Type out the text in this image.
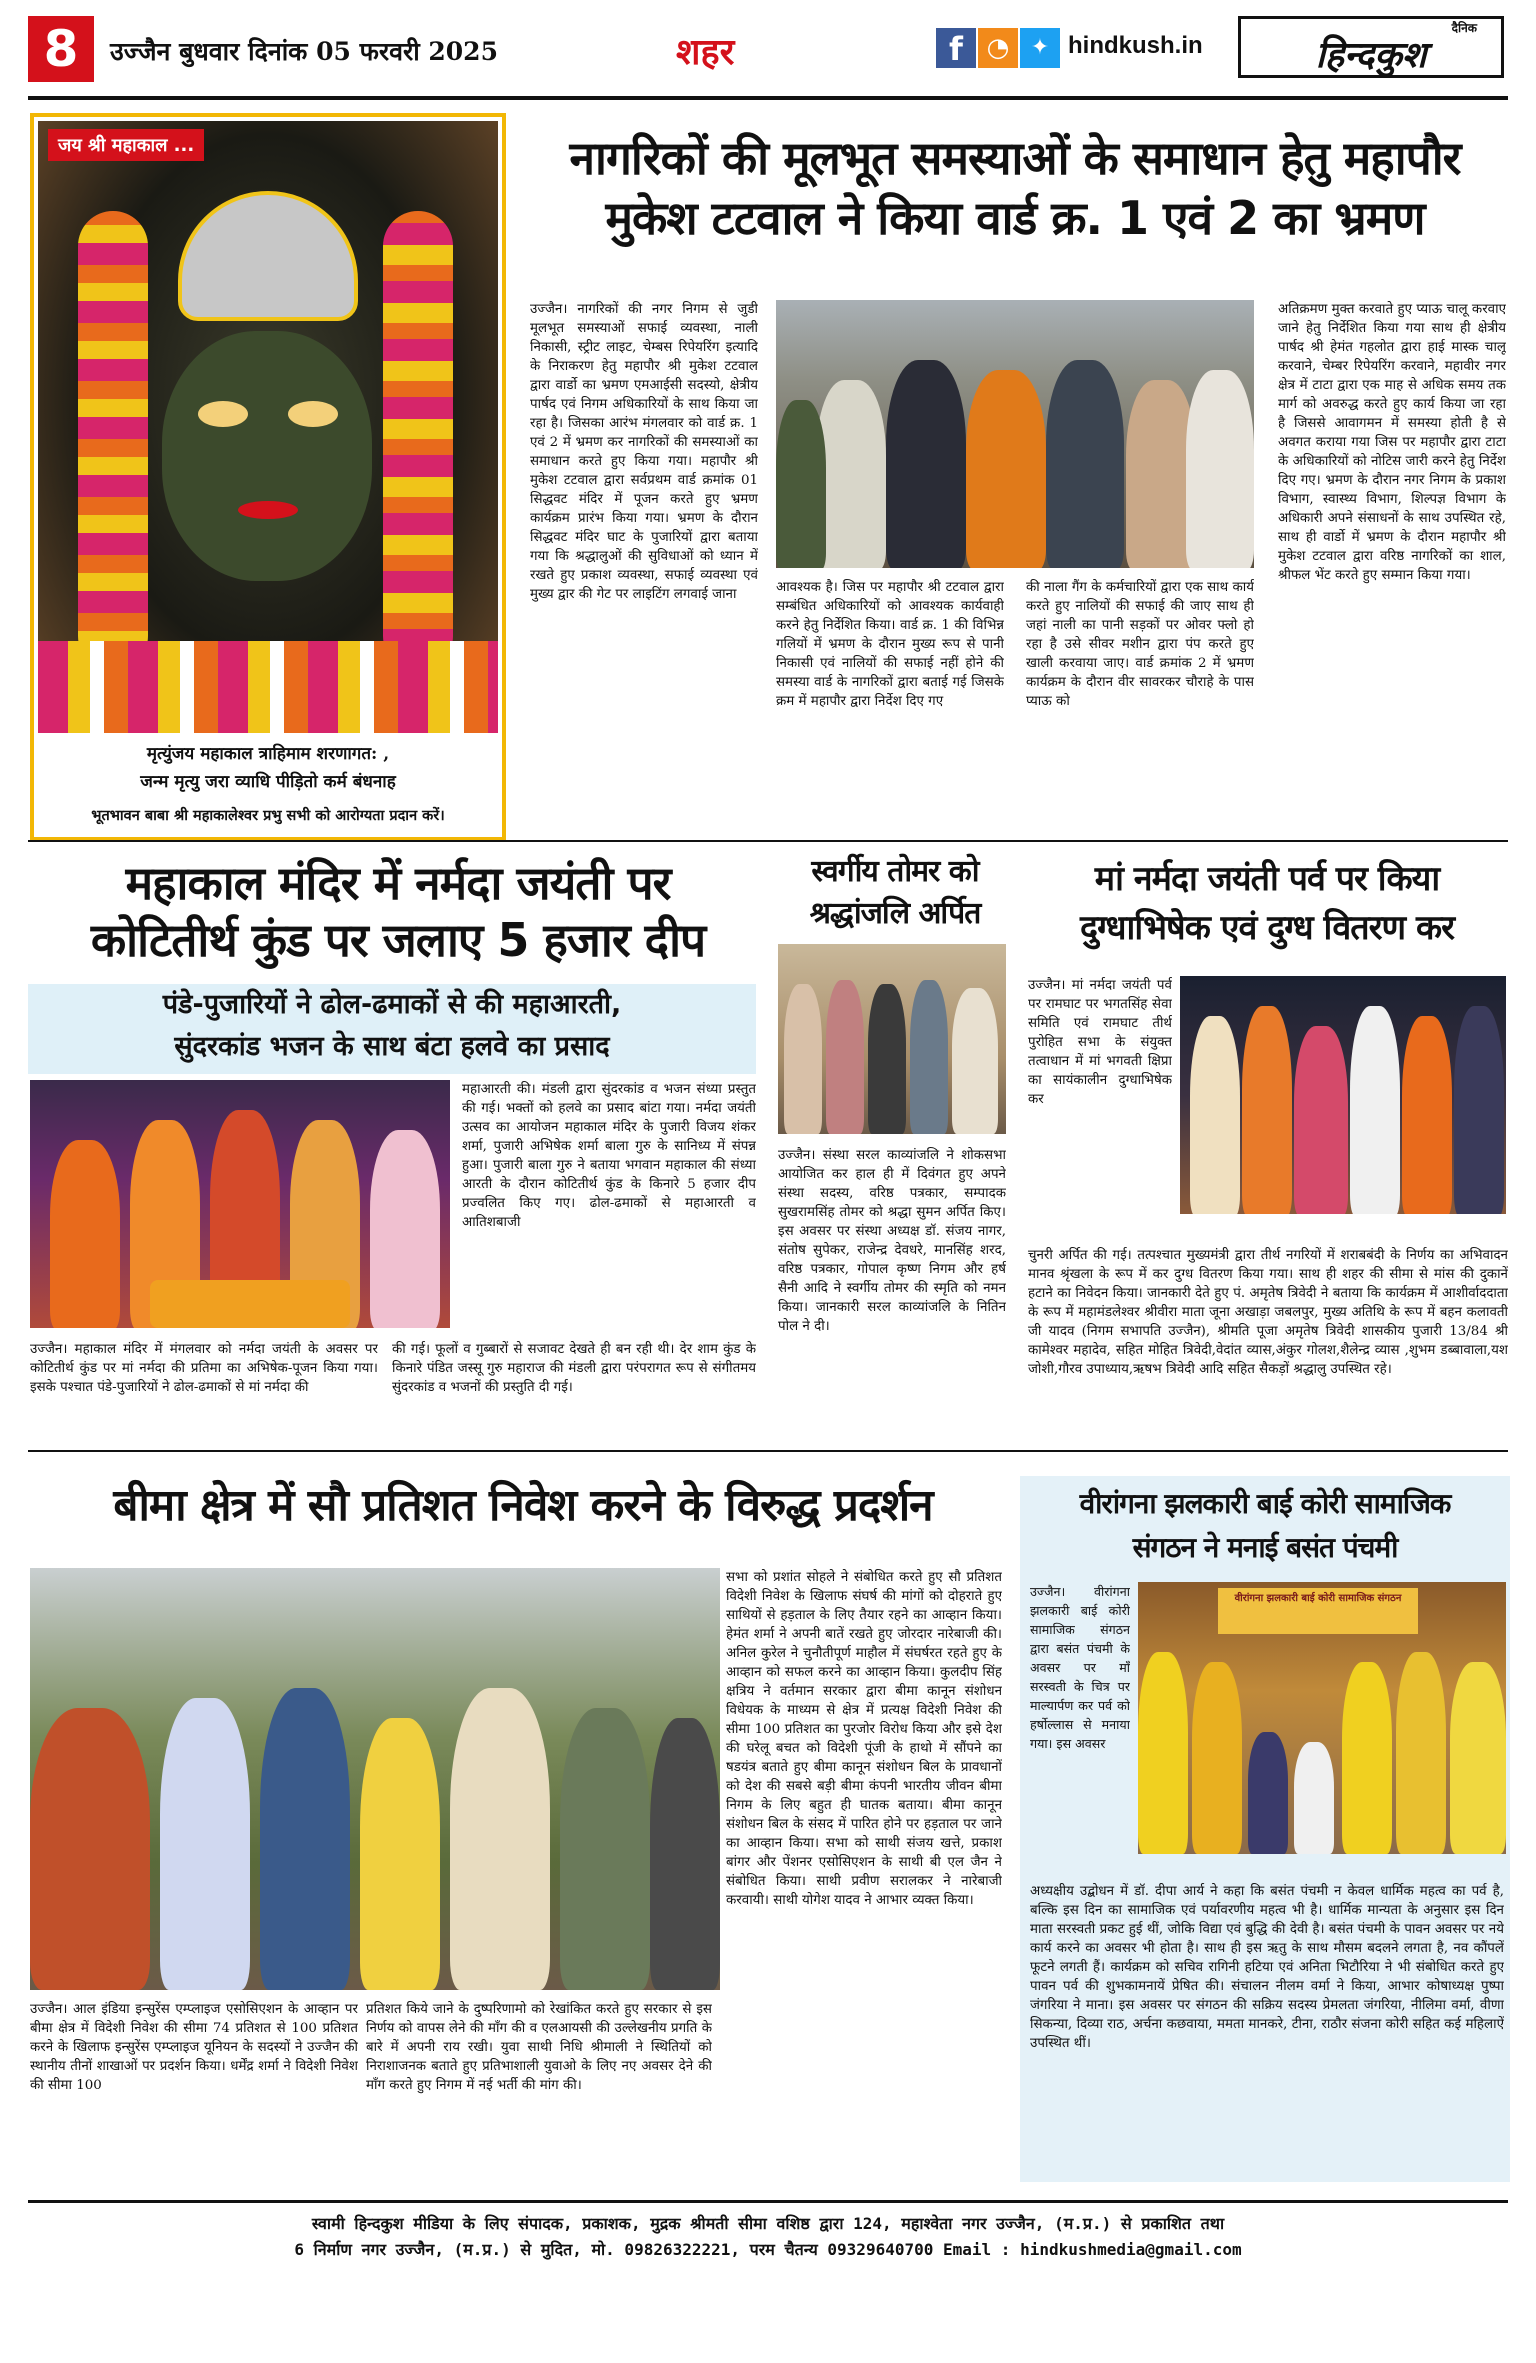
8	उज्जैन बुधवार दिनांक 05 फरवरी 2025	शहर	f ◔ ✦ hindkush.in
दैनिक
हिन्दकुश
जय श्री महाकाल ...
मृत्युंजय महाकाल त्राहिमाम शरणागत: ,
जन्म मृत्यु जरा व्याधि पीड़ितो कर्म बंधनाह
भूतभावन बाबा श्री महाकालेश्वर प्रभु सभी को आरोग्यता प्रदान करें।
नागरिकों की मूलभूत समस्याओं के समाधान हेतु महापौर
मुकेश टटवाल ने किया वार्ड क्र. 1 एवं 2 का भ्रमण
उज्जैन। नागरिकों की नगर निगम से जुडी मूलभूत समस्याओं सफाई व्यवस्था, नाली निकासी, स्ट्रीट लाइट, चेम्बस रिपेयरिंग इत्यादि के निराकरण हेतु महापौर श्री मुकेश टटवाल द्वारा वार्डो का भ्रमण एमआईसी सदस्यो, क्षेत्रीय पार्षद एवं निगम अधिकारियों के साथ किया जा रहा है। जिसका आरंभ मंगलवार को वार्ड क्र. 1 एवं 2 में भ्रमण कर नागरिकों की समस्याओं का समाधान करते हुए किया गया। महापौर श्री मुकेश टटवाल द्वारा सर्वप्रथम वार्ड क्रमांक 01 सिद्धवट मंदिर में पूजन करते हुए भ्रमण कार्यक्रम प्रारंभ किया गया। भ्रमण के दौरान सिद्धवट मंदिर घाट के पुजारियों द्वारा बताया गया कि श्रद्धालुओं की सुविधाओं को ध्यान में रखते हुए प्रकाश व्यवस्था, सफाई व्यवस्था एवं मुख्य द्वार की गेट पर लाइटिंग लगवाई जाना	आवश्यक है। जिस पर महापौर श्री टटवाल द्वारा सम्बंधित अधिकारियों को आवश्यक कार्यवाही करने हेतु निर्देशित किया। वार्ड क्र. 1 की विभिन्न गलियों में भ्रमण के दौरान मुख्य रूप से पानी निकासी एवं नालियों की सफाई नहीं होने की समस्या वार्ड के नागरिकों द्वारा बताई गई जिसके क्रम में महापौर द्वारा निर्देश दिए गए
की नाला गैंग के कर्मचारियों द्वारा एक साथ कार्य करते हुए नालियों की सफाई की जाए साथ ही जहां नाली का पानी सड़कों पर ओवर फ्लो हो रहा है उसे सीवर मशीन द्वारा पंप करते हुए खाली करवाया जाए। वार्ड क्रमांक 2 में भ्रमण कार्यक्रम के दौरान वीर सावरकर चौराहे के पास प्याऊ को
अतिक्रमण मुक्त करवाते हुए प्याऊ चालू करवाए जाने हेतु निर्देशित किया गया साथ ही क्षेत्रीय पार्षद श्री हेमंत गहलोत द्वारा हाई मास्क चालू करवाने, चेम्बर रिपेयरिंग करवाने, महावीर नगर क्षेत्र में टाटा द्वारा एक माह से अधिक समय तक मार्ग को अवरुद्ध करते हुए कार्य किया जा रहा है जिससे आवागमन में समस्या होती है से अवगत कराया गया जिस पर महापौर द्वारा टाटा के अधिकारियों को नोटिस जारी करने हेतु निर्देश दिए गए। भ्रमण के दौरान नगर निगम के प्रकाश विभाग, स्वास्थ्य विभाग, शिल्पज्ञ विभाग के अधिकारी अपने संसाधनों के साथ उपस्थित रहे, साथ ही वार्डो में भ्रमण के दौरान महापौर श्री मुकेश टटवाल द्वारा वरिष्ठ नागरिकों का शाल, श्रीफल भेंट करते हुए सम्मान किया गया।
महाकाल मंदिर में नर्मदा जयंती पर
कोटितीर्थ कुंड पर जलाए 5 हजार दीप
पंडे-पुजारियों ने ढोल-ढमाकों से की महाआरती,
सुंदरकांड भजन के साथ बंटा हलवे का प्रसाद
महाआरती की। मंडली द्वारा सुंदरकांड व भजन संध्या प्रस्तुत की गई। भक्तों को हलवे का प्रसाद बांटा गया। नर्मदा जयंती उत्सव का आयोजन महाकाल मंदिर के पुजारी विजय शंकर शर्मा, पुजारी अभिषेक शर्मा बाला गुरु के सानिध्य में संपन्न हुआ। पुजारी बाला गुरु ने बताया भगवान महाकाल की संध्या आरती के दौरान कोटितीर्थ कुंड के किनारे 5 हजार दीप प्रज्वलित किए गए। ढोल-ढमाकों से महाआरती व आतिशबाजी
उज्जैन। महाकाल मंदिर में मंगलवार को नर्मदा जयंती के अवसर पर कोटितीर्थ कुंड पर मां नर्मदा की प्रतिमा का अभिषेक-पूजन किया गया। इसके पश्चात पंडे-पुजारियों ने ढोल-ढमाकों से मां नर्मदा की
की गई। फूलों व गुब्बारों से सजावट देखते ही बन रही थी। देर शाम कुंड के किनारे पंडित जस्सू गुरु महाराज की मंडली द्वारा परंपरागत रूप से संगीतमय सुंदरकांड व भजनों की प्रस्तुति दी गई।
स्वर्गीय तोमर को
श्रद्धांजलि अर्पित
उज्जैन। संस्था सरल काव्यांजलि ने शोकसभा आयोजित कर हाल ही में दिवंगत हुए अपने संस्था सदस्य, वरिष्ठ पत्रकार, सम्पादक सुखरामसिंह तोमर को श्रद्धा सुमन अर्पित किए। इस अवसर पर संस्था अध्यक्ष डॉ. संजय नागर, संतोष सुपेकर, राजेन्द्र देवधरे, मानसिंह शरद, वरिष्ठ पत्रकार, गोपाल कृष्ण निगम और हर्ष सैनी आदि ने स्वर्गीय तोमर की स्मृति को नमन किया। जानकारी सरल काव्यांजलि के नितिन पोल ने दी।
मां नर्मदा जयंती पर्व पर किया
दुग्धाभिषेक एवं दुग्ध वितरण कर
उज्जैन। मां नर्मदा जयंती पर्व पर रामघाट पर भगतसिंह सेवा समिति एवं रामघाट तीर्थ पुरोहित सभा के संयुक्त तत्वाधान में मां भगवती क्षिप्रा का सायंकालीन दुग्धाभिषेक कर
चुनरी अर्पित की गई। तत्पश्चात मुख्यमंत्री द्वारा तीर्थ नगरियों में शराबबंदी के निर्णय का अभिवादन मानव श्रृंखला के रूप में कर दुग्ध वितरण किया गया। साथ ही शहर की सीमा से मांस की दुकानें हटाने का निवेदन किया। जानकारी देते हुए पं. अमृतेष त्रिवेदी ने बताया कि कार्यक्रम में आशीर्वाददाता के रूप में महामंडलेश्वर श्रीवीरा माता जूना अखाड़ा जबलपुर, मुख्य अतिथि के रूप में बहन कलावती जी यादव (निगम सभापति उज्जैन), श्रीमति पूजा अमृतेष त्रिवेदी शासकीय पुजारी 13/84 श्री कामेश्वर महादेव, सहित मोहित त्रिवेदी,वेदांत व्यास,अंकुर गोलश,शैलेन्द्र व्यास ,शुभम डब्बावाला,यश जोशी,गौरव उपाध्याय,ऋषभ त्रिवेदी आदि सहित सैकड़ों श्रद्धालु उपस्थित रहे।
बीमा क्षेत्र में सौ प्रतिशत निवेश करने के विरुद्ध प्रदर्शन
उज्जैन। आल इंडिया इन्सुरेंस एम्प्लाइज एसोसिएशन के आव्हान पर बीमा क्षेत्र में विदेशी निवेश की सीमा 74 प्रतिशत से 100 प्रतिशत करने के खिलाफ इन्सुरेंस एम्प्लाइज यूनियन के सदस्यों ने उज्जैन की स्थानीय तीनों शाखाओं पर प्रदर्शन किया। धर्मेंद्र शर्मा ने विदेशी निवेश की सीमा 100
प्रतिशत किये जाने के दुष्परिणामो को रेखांकित करते हुए सरकार से इस निर्णय को वापस लेने की मॉंग की व एलआयसी की उल्लेखनीय प्रगति के बारे में अपनी राय रखी। युवा साथी निधि श्रीमाली ने स्थितियों को निराशाजनक बताते हुए प्रतिभाशाली युवाओ के लिए नए अवसर देने की माँग करते हुए निगम में नई भर्ती की मांग की।
सभा को प्रशांत सोहले ने संबोधित करते हुए सौ प्रतिशत विदेशी निवेश के खिलाफ संघर्ष की मांगों को दोहराते हुए साथियों से हड़ताल के लिए तैयार रहने का आव्हान किया। हेमंत शर्मा ने अपनी बातें रखते हुए जोरदार नारेबाजी की। अनिल कुरेल ने चुनौतीपूर्ण माहौल में संघर्षरत रहते हुए के आव्हान को सफल करने का आव्हान किया। कुलदीप सिंह क्षत्रिय ने वर्तमान सरकार द्वारा बीमा कानून संशोधन विधेयक के माध्यम से क्षेत्र में प्रत्यक्ष विदेशी निवेश की सीमा 100 प्रतिशत का पुरजोर विरोध किया और इसे देश की घरेलू बचत को विदेशी पूंजी के हाथो में सौंपने का षडयंत्र बताते हुए बीमा कानून संशोधन बिल के प्रावधानों को देश की सबसे बड़ी बीमा कंपनी भारतीय जीवन बीमा निगम के लिए बहुत ही घातक बताया। बीमा कानून संशोधन बिल के संसद में पारित होने पर हड़ताल पर जाने का आव्हान किया। सभा को साथी संजय खत्ते, प्रकाश बांगर और पेंशनर एसोसिएशन के साथी बी एल जैन ने संबोधित किया। साथी प्रवीण सरालकर ने नारेबाजी करवायी। साथी योगेश यादव ने आभार व्यक्त किया।
वीरांगना झलकारी बाई कोरी सामाजिक
संगठन ने मनाई बसंत पंचमी
उज्जैन। वीरांगना झलकारी बाई कोरी सामाजिक संगठन द्वारा बसंत पंचमी के अवसर पर माँ सरस्वती के चित्र पर माल्यार्पण कर पर्व को हर्षोल्लास से मनाया गया। इस अवसर
वीरांगना झलकारी बाई कोरी सामाजिक संगठन
अध्यक्षीय उद्बोधन में डॉ. दीपा आर्य ने कहा कि बसंत पंचमी न केवल धार्मिक महत्व का पर्व है, बल्कि इस दिन का सामाजिक एवं पर्यावरणीय महत्व भी है। धार्मिक मान्यता के अनुसार इस दिन माता सरस्वती प्रकट हुई थीं, जोकि विद्या एवं बुद्धि की देवी है। बसंत पंचमी के पावन अवसर पर नये कार्य करने का अवसर भी होता है। साथ ही इस ऋतु के साथ मौसम बदलने लगता है, नव कौंपलें फूटने लगती हैं। कार्यक्रम को सचिव रागिनी हटिया एवं अनिता भिटौरिया ने भी संबोधित करते हुए पावन पर्व की शुभकामनायें प्रेषित की। संचालन नीलम वर्मा ने किया, आभार कोषाध्यक्ष पुष्पा जंगरिया ने माना। इस अवसर पर संगठन की सक्रिय सदस्य प्रेमलता जंगरिया, नीलिमा वर्मा, वीणा सिकन्या, दिव्या राठ, अर्चना कछवाया, ममता मानकरे, टीना, राठौर संजना कोरी सहित कई महिलाऐं उपस्थित थीं।
स्वामी हिन्दकुश मीडिया के लिए संपादक, प्रकाशक, मुद्रक श्रीमती सीमा वशिष्ठ द्वारा 124, महाश्वेता नगर उज्जैन, (म.प्र.) से प्रकाशित तथा
6 निर्माण नगर उज्जैन, (म.प्र.) से मुदित, मो. 09826322221, परम चैतन्य 09329640700 Email : hindkushmedia@gmail.com
